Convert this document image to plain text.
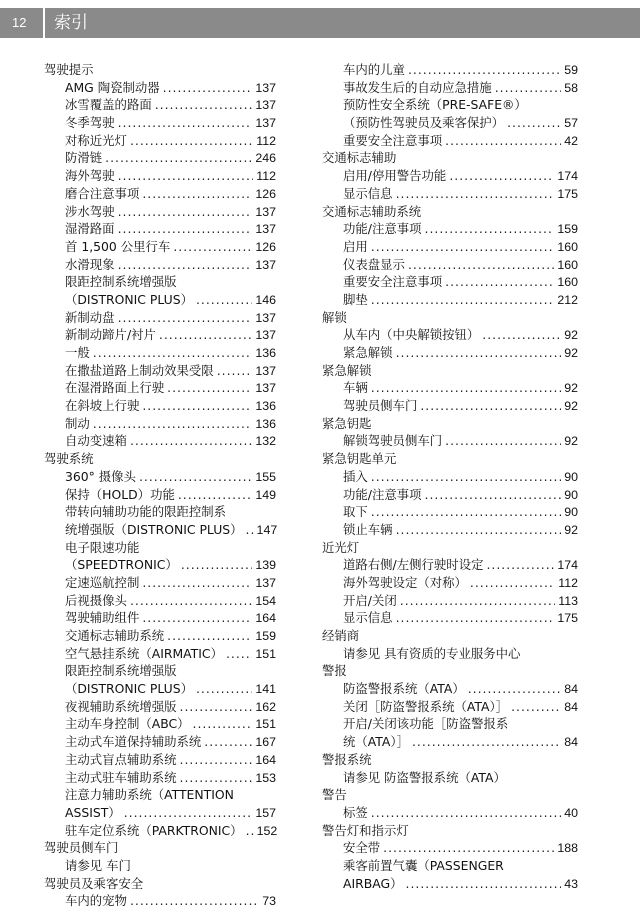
12 索引
驾驶提示
AMG 陶瓷制动器 .....	137
冰雪覆盖的路面 .....	137
冬季驾驶 .....	137
对称近光灯 .....	112
防滑链 .....	246
海外驾驶 .....	112
磨合注意事项 .....	126
涉水驾驶 .....	137
湿滑路面 .....	137
首 1,500 公里行车 .....	126
水滑现象 .....	137
限距控制系统增强版
（DISTRONIC PLUS） .....	146
新制动盘 .....	137
新制动蹄片/衬片 .....	137
一般 .....	136
在撒盐道路上制动效果受限 .....	137
在湿滑路面上行驶 .....	137
在斜坡上行驶 .....	136
制动 .....	136
自动变速箱 .....	132
驾驶系统
360° 摄像头 .....	155
保持（HOLD）功能 .....	149
带转向辅助功能的限距控制系
统增强版（DISTRONIC PLUS） ..... 147
电子限速功能
（SPEEDTRONIC） .....	139
定速巡航控制 .....	137
后视摄像头 .....	154
驾驶辅助组件 .....	164
交通标志辅助系统 .....	159
空气悬挂系统（AIRMATIC） .....	151
限距控制系统增强版
（DISTRONIC PLUS） .....	141
夜视辅助系统增强版 .....	162
主动车身控制（ABC） .....	151
主动式车道保持辅助系统 .....	167
主动式盲点辅助系统 .....	164
主动式驻车辅助系统 .....	153
注意力辅助系统（ATTENTION
ASSIST） .....	157
驻车定位系统（PARKTRONIC） ..... 152
驾驶员侧车门
请参见 车门
驾驶员及乘客安全
车内的宠物 .....	73
车内的儿童 .....	59
事故发生后的自动应急措施 .....	58
预防性安全系统（PRE-SAFE®）
（预防性驾驶员及乘客保护） .....	57
重要安全注意事项 .....	42
交通标志辅助
启用/停用警告功能 .....	174
显示信息 .....	175
交通标志辅助系统
功能/注意事项 .....	159
启用 .....	160
仪表盘显示 .....	160
重要安全注意事项 .....	160
脚垫 .....	212
解锁
从车内（中央解锁按钮） .....	92
紧急解锁 .....	92
紧急解锁
车辆 .....	92
驾驶员侧车门 .....	92
紧急钥匙
解锁驾驶员侧车门 .....	92
紧急钥匙单元
插入 .....	90
功能/注意事项 .....	90
取下 .....	90
锁止车辆 .....	92
近光灯
道路右侧/左侧行驶时设定 .....	174
海外驾驶设定（对称） .....	112
开启/关闭 .....	113
显示信息 .....	175
经销商
请参见 具有资质的专业服务中心
警报
防盗警报系统（ATA） .....	84
关闭［防盗警报系统（ATA）］ .....	84
开启/关闭该功能［防盗警报系
统（ATA）］ .....	84
警报系统
请参见 防盗警报系统（ATA）
警告
标签 .....	40
警告灯和指示灯
安全带 .....	188
乘客前置气囊（PASSENGER
AIRBAG） .....	43
